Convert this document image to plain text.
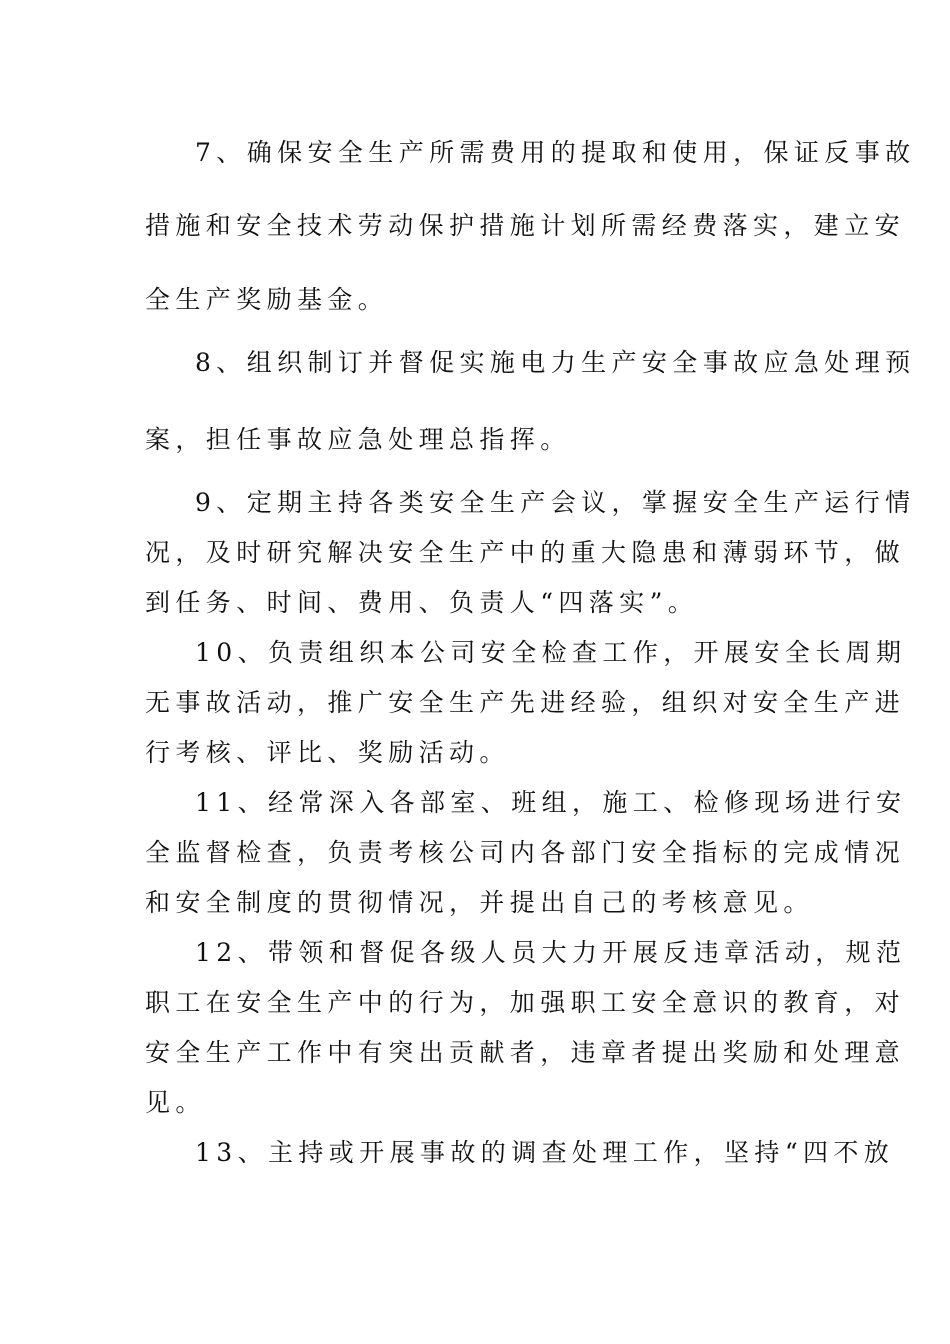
7、确保安全生产所需费用的提取和使用，保证反事故
措施和安全技术劳动保护措施计划所需经费落实，建立安
全生产奖励基金。
8、组织制订并督促实施电力生产安全事故应急处理预
案，担任事故应急处理总指挥。
9、定期主持各类安全生产会议，掌握安全生产运行情
况，及时研究解决安全生产中的重大隐患和薄弱环节，做
到任务、时间、费用、负责人“四落实”。
10、负责组织本公司安全检查工作，开展安全长周期
无事故活动，推广安全生产先进经验，组织对安全生产进
行考核、评比、奖励活动。
11、经常深入各部室、班组，施工、检修现场进行安
全监督检查，负责考核公司内各部门安全指标的完成情况
和安全制度的贯彻情况，并提出自己的考核意见。
12、带领和督促各级人员大力开展反违章活动，规范
职工在安全生产中的行为，加强职工安全意识的教育，对
安全生产工作中有突出贡献者，违章者提出奖励和处理意
见。
13、主持或开展事故的调查处理工作，坚持“四不放
